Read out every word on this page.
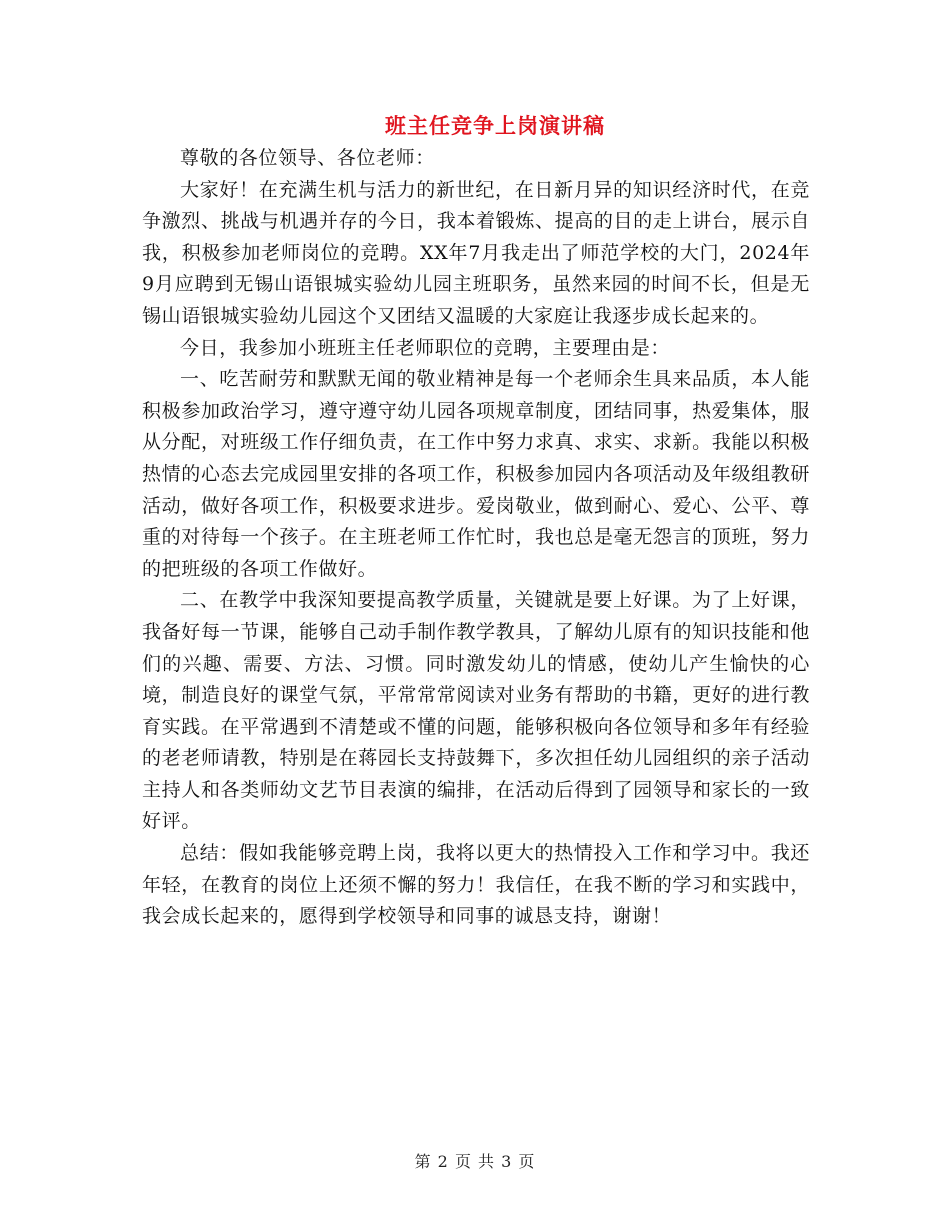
班主任竞争上岗演讲稿

尊敬的各位领导、各位老师：

大家好！在充满生机与活力的新世纪，在日新月异的知识经济时代，在竞争激烈、挑战与机遇并存的今日，我本着锻炼、提高的目的走上讲台，展示自我，积极参加老师岗位的竞聘。XX年7月我走出了师范学校的大门，2024年9月应聘到无锡山语银城实验幼儿园主班职务，虽然来园的时间不长，但是无锡山语银城实验幼儿园这个又团结又温暖的大家庭让我逐步成长起来的。

今日，我参加小班班主任老师职位的竞聘，主要理由是：

一、吃苦耐劳和默默无闻的敬业精神是每一个老师余生具来品质，本人能积极参加政治学习，遵守遵守幼儿园各项规章制度，团结同事，热爱集体，服从分配，对班级工作仔细负责，在工作中努力求真、求实、求新。我能以积极热情的心态去完成园里安排的各项工作，积极参加园内各项活动及年级组教研活动，做好各项工作，积极要求进步。爱岗敬业，做到耐心、爱心、公平、尊重的对待每一个孩子。在主班老师工作忙时，我也总是毫无怨言的顶班，努力的把班级的各项工作做好。

二、在教学中我深知要提高教学质量，关键就是要上好课。为了上好课，我备好每一节课，能够自己动手制作教学教具，了解幼儿原有的知识技能和他们的兴趣、需要、方法、习惯。同时激发幼儿的情感，使幼儿产生愉快的心境，制造良好的课堂气氛，平常常常阅读对业务有帮助的书籍，更好的进行教育实践。在平常遇到不清楚或不懂的问题，能够积极向各位领导和多年有经验的老老师请教，特别是在蒋园长支持鼓舞下，多次担任幼儿园组织的亲子活动主持人和各类师幼文艺节目表演的编排，在活动后得到了园领导和家长的一致好评。

总结：假如我能够竞聘上岗，我将以更大的热情投入工作和学习中。我还年轻，在教育的岗位上还须不懈的努力！我信任，在我不断的学习和实践中，我会成长起来的，愿得到学校领导和同事的诚恳支持，谢谢！

第 2 页 共 3 页
